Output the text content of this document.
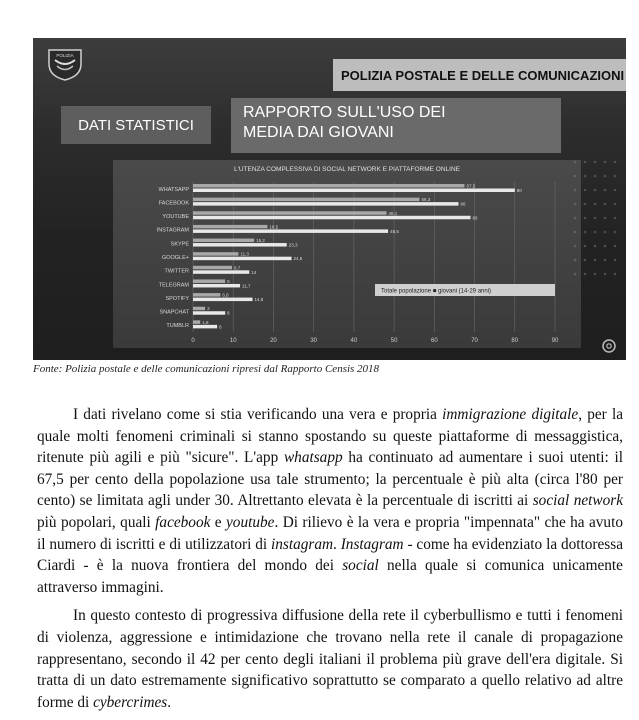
POLIZIA
POLIZIA POSTALE E DELLE COMUNICAZIONI
DATI STATISTICI
RAPPORTO SULL'USO DEI
MEDIA DAI GIOVANI
L'UTENZA COMPLESSIVA DI SOCIAL NETWORK E PIATTAFORME ONLINE
0	10	20	30	40	50	60	70	80	90
WHATSAPP
67,5
80
FACEBOOK
56,3
66
YOUTUBE
48,1
69
INSTAGRAM
18,5
48,5
SKYPE
15,2
23,3
GOOGLE+
11,3
24,5
TWITTER
9,7
14
TELEGRAM
8
11,7
SPOTIFY
6,8
14,8
SNAPCHAT
3
8
TUMBLR
1,8
6
Totale popolazione ■ giovani (14-29 anni)
Fonte: Polizia postale e delle comunicazioni ripresi dal Rapporto Censis 2018

I dati rivelano come si stia verificando una vera e propria immigrazione digitale, per la quale molti fenomeni criminali si stanno spostando su queste piattaforme di messaggistica, ritenute più agili e più "sicure". L'app whatsapp ha continuato ad aumentare i suoi utenti: il 67,5 per cento della popolazione usa tale strumento; la percentuale è più alta (circa l'80 per cento) se limitata agli under 30. Altrettanto elevata è la percentuale di iscritti ai social network più popolari, quali facebook e youtube. Di rilievo è la vera e propria "impennata" che ha avuto il numero di iscritti e di utilizzatori di instagram. Instagram - come ha evidenziato la dottoressa Ciardi - è la nuova frontiera del mondo dei social nella quale si comunica unicamente attraverso immagini.

In questo contesto di progressiva diffusione della rete il cyberbullismo e tutti i fenomeni di violenza, aggressione e intimidazione che trovano nella rete il canale di propagazione rappresentano, secondo il 42 per cento degli italiani il problema più grave dell'era digitale. Si tratta di un dato estremamente significativo soprattutto se comparato a quello relativo ad altre forme di cybercrimes.
